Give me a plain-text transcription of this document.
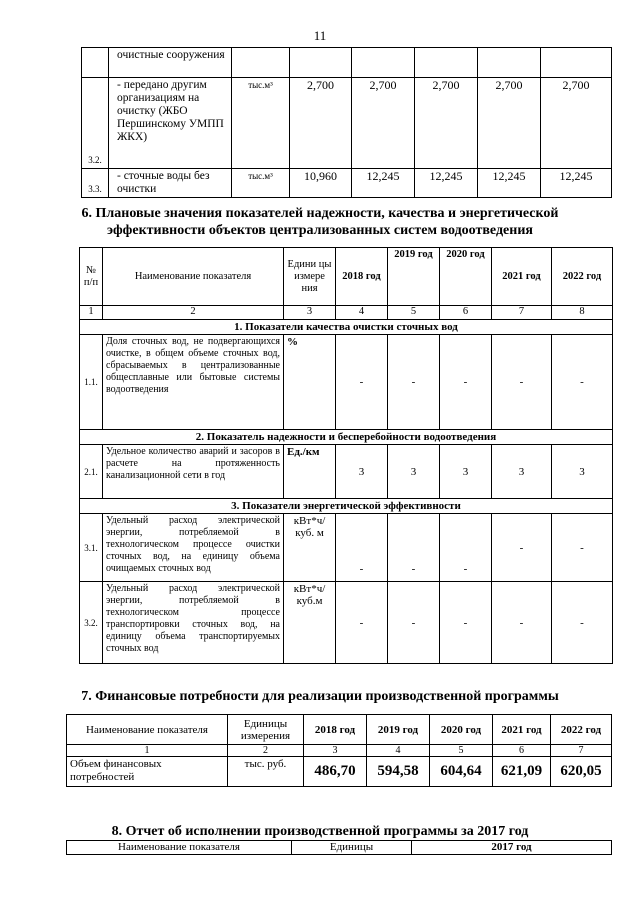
11
	очистные сооружения						
3.2.	- передано другим организациям на очистку (ЖБО Першинскому УМПП ЖКХ)	тыс.м³	2,700	2,700	2,700	2,700	2,700
3.3.	- сточные воды без очистки	тыс.м³	10,960	12,245	12,245	12,245	12,245
6. Плановые значения показателей надежности, качества и энергетической
эффективности объектов централизованных систем водоотведения
№ п/п	Наименование показателя	Едини цы измере ния	2018 год	2019 год	2020 год	2021 год	2022 год
1	2	3	4	5	6	7	8
1. Показатели качества очистки сточных вод							
1.1.	Доля сточных вод, не подвергающихся очистке, в общем объеме сточных вод, сбрасываемых в централизованные общесплавные или бытовые системы водоотведения	%	-	-	-	-	-
2. Показатель надежности и бесперебойности водоотведения							
2.1.	Удельное количество аварий и засоров в расчете на протяженность канализационной сети в год	Ед./км	3	3	3	3	3
3. Показатели энергетической эффективности							
3.1.	Удельный расход электрической энергии, потребляемой в технологическом процессе очистки сточных вод, на единицу объема очищаемых сточных вод	кВт*ч/куб. м	-	-	-	-	-
3.2.	Удельный расход электрической энергии, потребляемой в технологическом процессе транспортировки сточных вод, на единицу объема транспортируемых сточных вод	кВт*ч/куб.м	-	-	-	-	-
7. Финансовые потребности для реализации производственной программы
Наименование показателя	Единицы измерения	2018 год	2019 год	2020 год	2021 год	2022 год
1	2	3	4	5	6	7
Объем финансовых потребностей	тыс. руб.	486,70	594,58	604,64	621,09	620,05
8. Отчет об исполнении производственной программы за 2017 год
Наименование показателя	Единицы	2017 год
